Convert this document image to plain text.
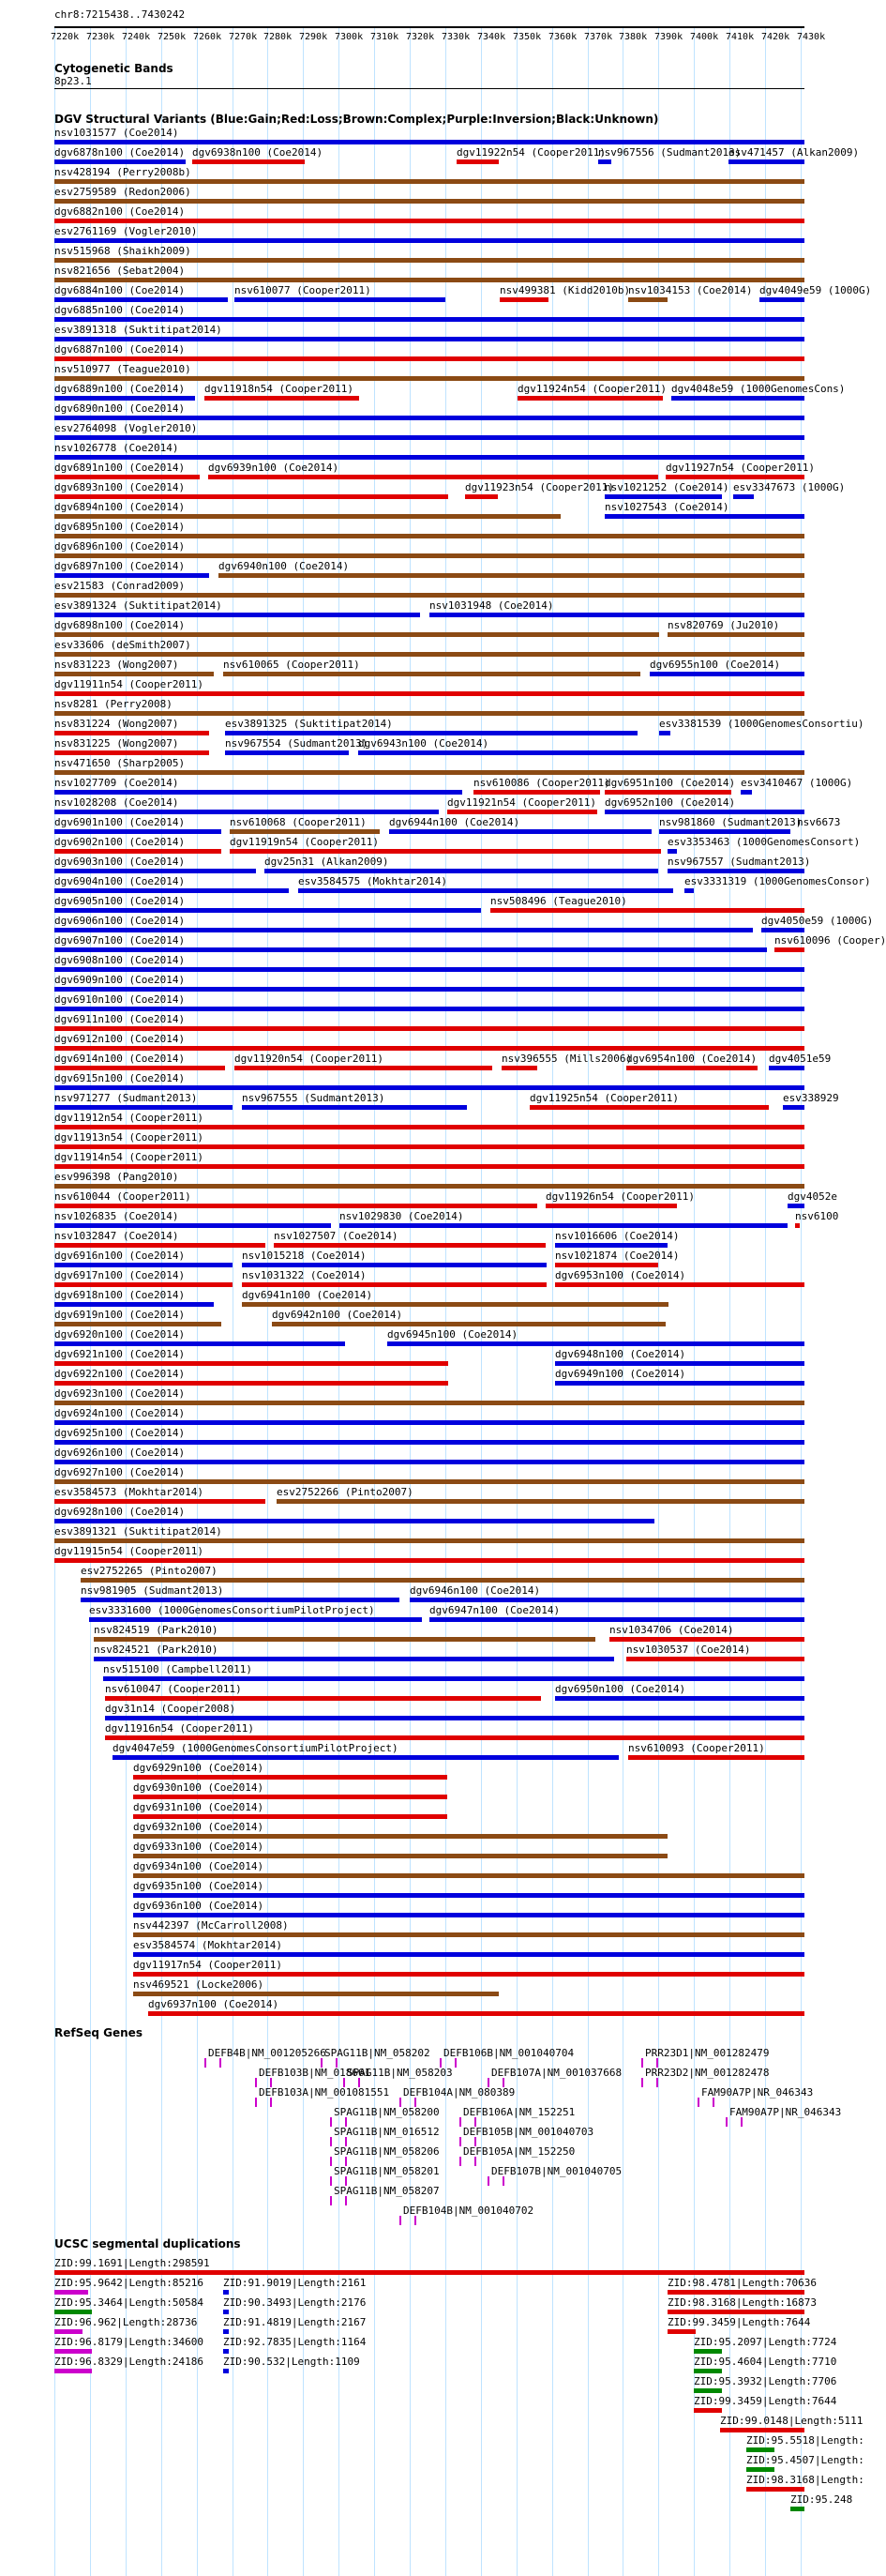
chr8:7215438..7430242
7220k 7230k 7240k 7250k 7260k 7270k 7280k 7290k 7300k 7310k 7320k 7330k 7340k 7350k 7360k 7370k 7380k 7390k 7400k 7410k 7420k 7430k
Cytogenetic Bands
8p23.1
DGV Structural Variants (Blue:Gain;Red:Loss;Brown:Complex;Purple:Inversion;Black:Unknown)
nsv1031577 (Coe2014)
dgv6878n100 (Coe2014) dgv6938n100 (Coe2014)	dgv11922n54 (Cooper2011)
nsv967556 (Sudmant2013)
esv471457 (Alkan2009)
nsv428194 (Perry2008b)
esv2759589 (Redon2006)
dgv6882n100 (Coe2014)
esv2761169 (Vogler2010)
nsv515968 (Shaikh2009)
nsv821656 (Sebat2004)
dgv6884n100 (Coe2014)	nsv610077 (Cooper2011)	nsv499381 (Kidd2010b)
nsv1034153 (Coe2014) dgv4049e59 (1000G)
dgv6885n100 (Coe2014)
esv3891318 (Suktitipat2014)
dgv6887n100 (Coe2014)
nsv510977 (Teague2010)
dgv6889n100 (Coe2014) dgv11918n54 (Cooper2011)	dgv11924n54 (Cooper2011) dgv4048e59 (1000GenomesCons)
dgv6890n100 (Coe2014)
esv2764098 (Vogler2010)
nsv1026778 (Coe2014)
dgv6891n100 (Coe2014) dgv6939n100 (Coe2014)	dgv11927n54 (Cooper2011)
dgv6893n100 (Coe2014)	dgv11923n54 (Cooper2011)
nsv1021252 (Coe2014) esv3347673 (1000G)
dgv6894n100 (Coe2014)	nsv1027543 (Coe2014)
dgv6895n100 (Coe2014)
dgv6896n100 (Coe2014)
dgv6897n100 (Coe2014)	dgv6940n100 (Coe2014)
esv21583 (Conrad2009)
esv3891324 (Suktitipat2014)	nsv1031948 (Coe2014)
dgv6898n100 (Coe2014)	nsv820769 (Ju2010)
esv33606 (deSmith2007)
nsv831223 (Wong2007)	nsv610065 (Cooper2011)	dgv6955n100 (Coe2014)
dgv11911n54 (Cooper2011)
nsv8281 (Perry2008)
nsv831224 (Wong2007)	esv3891325 (Suktitipat2014)	esv3381539 (1000GenomesConsortiu)
nsv831225 (Wong2007)	nsv967554 (Sudmant2013)
dgv6943n100 (Coe2014)
nsv471650 (Sharp2005)
nsv1027709 (Coe2014)	nsv610086 (Cooper2011)
dgv6951n100 (Coe2014) esv3410467 (1000G)
nsv1028208 (Coe2014)	dgv11921n54 (Cooper2011) dgv6952n100 (Coe2014)
dgv6901n100 (Coe2014)	nsv610068 (Cooper2011) dgv6944n100 (Coe2014)	nsv981860 (Sudmant2013)
nsv6673
dgv6902n100 (Coe2014)	dgv11919n54 (Cooper2011)	esv3353463 (1000GenomesConsort)
dgv6903n100 (Coe2014)	dgv25n31 (Alkan2009)	nsv967557 (Sudmant2013)
dgv6904n100 (Coe2014)	esv3584575 (Mokhtar2014)	esv3331319 (1000GenomesConsor)
dgv6905n100 (Coe2014)	nsv508496 (Teague2010)
dgv6906n100 (Coe2014)	dgv4050e59 (1000G)
dgv6907n100 (Coe2014)	nsv610096 (Cooper)
dgv6908n100 (Coe2014)
dgv6909n100 (Coe2014)
dgv6910n100 (Coe2014)
dgv6911n100 (Coe2014)
dgv6912n100 (Coe2014)
dgv6914n100 (Coe2014)	dgv11920n54 (Cooper2011)	nsv396555 (Mills2006)
dgv6954n100 (Coe2014) dgv4051e59
dgv6915n100 (Coe2014)
nsv971277 (Sudmant2013)	nsv967555 (Sudmant2013)	dgv11925n54 (Cooper2011)	esv338929
dgv11912n54 (Cooper2011)
dgv11913n54 (Cooper2011)
dgv11914n54 (Cooper2011)
esv996398 (Pang2010)
nsv610044 (Cooper2011)	dgv11926n54 (Cooper2011)	dgv4052e
nsv1026835 (Coe2014)	nsv1029830 (Coe2014)	nsv6100
nsv1032847 (Coe2014)	nsv1027507 (Coe2014)	nsv1016606 (Coe2014)
dgv6916n100 (Coe2014)	nsv1015218 (Coe2014)	nsv1021874 (Coe2014)
dgv6917n100 (Coe2014)	nsv1031322 (Coe2014)	dgv6953n100 (Coe2014)
dgv6918n100 (Coe2014)	dgv6941n100 (Coe2014)
dgv6919n100 (Coe2014)	dgv6942n100 (Coe2014)
dgv6920n100 (Coe2014)	dgv6945n100 (Coe2014)
dgv6921n100 (Coe2014)	dgv6948n100 (Coe2014)
dgv6922n100 (Coe2014)	dgv6949n100 (Coe2014)
dgv6923n100 (Coe2014)
dgv6924n100 (Coe2014)
dgv6925n100 (Coe2014)
dgv6926n100 (Coe2014)
dgv6927n100 (Coe2014)
esv3584573 (Mokhtar2014)	esv2752266 (Pinto2007)
dgv6928n100 (Coe2014)
esv3891321 (Suktitipat2014)
dgv11915n54 (Cooper2011)
esv2752265 (Pinto2007)
nsv981905 (Sudmant2013)	dgv6946n100 (Coe2014)
esv3331600 (1000GenomesConsortiumPilotProject)	dgv6947n100 (Coe2014)
nsv824519 (Park2010)	nsv1034706 (Coe2014)
nsv824521 (Park2010)	nsv1030537 (Coe2014)
nsv515100 (Campbell2011)
nsv610047 (Cooper2011)	dgv6950n100 (Coe2014)
dgv31n14 (Cooper2008)
dgv11916n54 (Cooper2011)
dgv4047e59 (1000GenomesConsortiumPilotProject)	nsv610093 (Cooper2011)
dgv6929n100 (Coe2014)
dgv6930n100 (Coe2014)
dgv6931n100 (Coe2014)
dgv6932n100 (Coe2014)
dgv6933n100 (Coe2014)
dgv6934n100 (Coe2014)
dgv6935n100 (Coe2014)
dgv6936n100 (Coe2014)
nsv442397 (McCarroll2008)
esv3584574 (Mokhtar2014)
dgv11917n54 (Cooper2011)
nsv469521 (Locke2006)
dgv6937n100 (Coe2014)
RefSeq Genes
DEFB4B|NM_001205266
SPAG11B|NM_058202 DEFB106B|NM_001040704	PRR23D1|NM_001282479
DEFB103B|NM_018661
SPAG11B|NM_058203	DEFB107A|NM_001037668 PRR23D2|NM_001282478
DEFB103A|NM_001081551 DEFB104A|NM_080389	FAM90A7P|NR_046343
SPAG11B|NM_058200 DEFB106A|NM_152251	FAM90A7P|NR_046343
SPAG11B|NM_016512 DEFB105B|NM_001040703
SPAG11B|NM_058206 DEFB105A|NM_152250
SPAG11B|NM_058201	DEFB107B|NM_001040705
SPAG11B|NM_058207
DEFB104B|NM_001040702
UCSC segmental duplications
ZID:99.1691|Length:298591
ZID:95.9642|Length:85216 ZID:91.9019|Length:2161	ZID:98.4781|Length:70636
ZID:95.3464|Length:50584 ZID:90.3493|Length:2176	ZID:98.3168|Length:16873
ZID:96.962|Length:28736	ZID:91.4819|Length:2167	ZID:99.3459|Length:7644
ZID:96.8179|Length:34600 ZID:92.7835|Length:1164	ZID:95.2097|Length:7724
ZID:96.8329|Length:24186 ZID:90.532|Length:1109	ZID:95.4604|Length:7710
ZID:95.3932|Length:7706
ZID:99.3459|Length:7644
ZID:99.0148|Length:5111
ZID:95.5518|Length:
ZID:95.4507|Length:
ZID:98.3168|Length:
ZID:95.248
